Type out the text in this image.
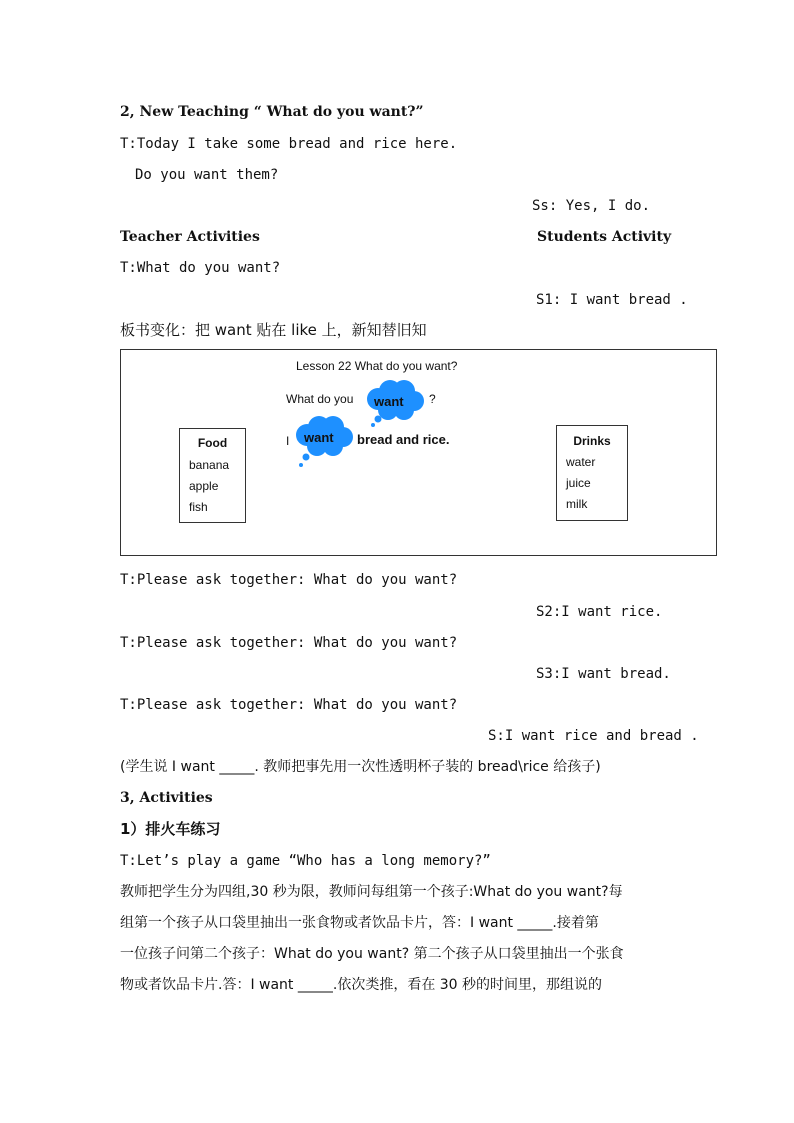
2, New Teaching “ What do you want?”
T:Today I take some bread and rice here.
Do you want them?
Ss: Yes, I do.
Teacher Activities	Students Activity
T:What do you want?
S1: I want bread .
板书变化：把 want 贴在 like 上，新知替旧知
Lesson 22 What do you want?
What do you want ?
I want bread and rice.
Food
banana
apple
fish
Drinks
water
juice
milk
T:Please ask together: What do you want?
S2:I want rice.
T:Please ask together: What do you want?
S3:I want bread.
T:Please ask together: What do you want?
S:I want rice and bread .
(学生说 I want _____. 教师把事先用一次性透明杯子装的 bread\rice 给孩子)
3, Activities
1）排火车练习
T:Let’s play a game “Who has a long memory?”
教师把学生分为四组,30 秒为限，教师问每组第一个孩子:What do you want?每
组第一个孩子从口袋里抽出一张食物或者饮品卡片，答：I want _____.接着第
一位孩子问第二个孩子：What do you want? 第二个孩子从口袋里抽出一个张食
物或者饮品卡片.答：I want _____.依次类推，看在 30 秒的时间里，那组说的
